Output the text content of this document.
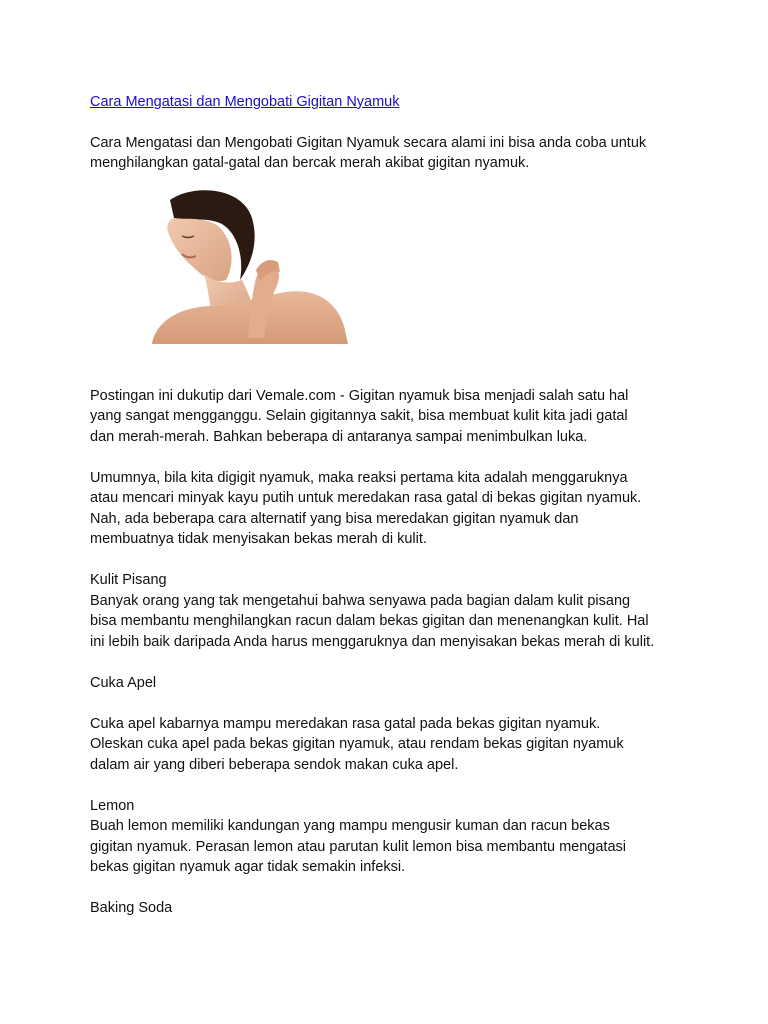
Cara Mengatasi dan Mengobati Gigitan Nyamuk

Cara Mengatasi dan Mengobati Gigitan Nyamuk secara alami ini bisa anda coba untuk
menghilangkan gatal-gatal dan bercak merah akibat gigitan nyamuk.

Postingan ini dukutip dari Vemale.com - Gigitan nyamuk bisa menjadi salah satu hal
yang sangat mengganggu. Selain gigitannya sakit, bisa membuat kulit kita jadi gatal
dan merah-merah. Bahkan beberapa di antaranya sampai menimbulkan luka.

Umumnya, bila kita digigit nyamuk, maka reaksi pertama kita adalah menggaruknya
atau mencari minyak kayu putih untuk meredakan rasa gatal di bekas gigitan nyamuk.
Nah, ada beberapa cara alternatif yang bisa meredakan gigitan nyamuk dan
membuatnya tidak menyisakan bekas merah di kulit.

Kulit Pisang

Banyak orang yang tak mengetahui bahwa senyawa pada bagian dalam kulit pisang
bisa membantu menghilangkan racun dalam bekas gigitan dan menenangkan kulit. Hal
ini lebih baik daripada Anda harus menggaruknya dan menyisakan bekas merah di kulit.

Cuka Apel

Cuka apel kabarnya mampu meredakan rasa gatal pada bekas gigitan nyamuk.
Oleskan cuka apel pada bekas gigitan nyamuk, atau rendam bekas gigitan nyamuk
dalam air yang diberi beberapa sendok makan cuka apel.

Lemon

Buah lemon memiliki kandungan yang mampu mengusir kuman dan racun bekas
gigitan nyamuk. Perasan lemon atau parutan kulit lemon bisa membantu mengatasi
bekas gigitan nyamuk agar tidak semakin infeksi.

Baking Soda
